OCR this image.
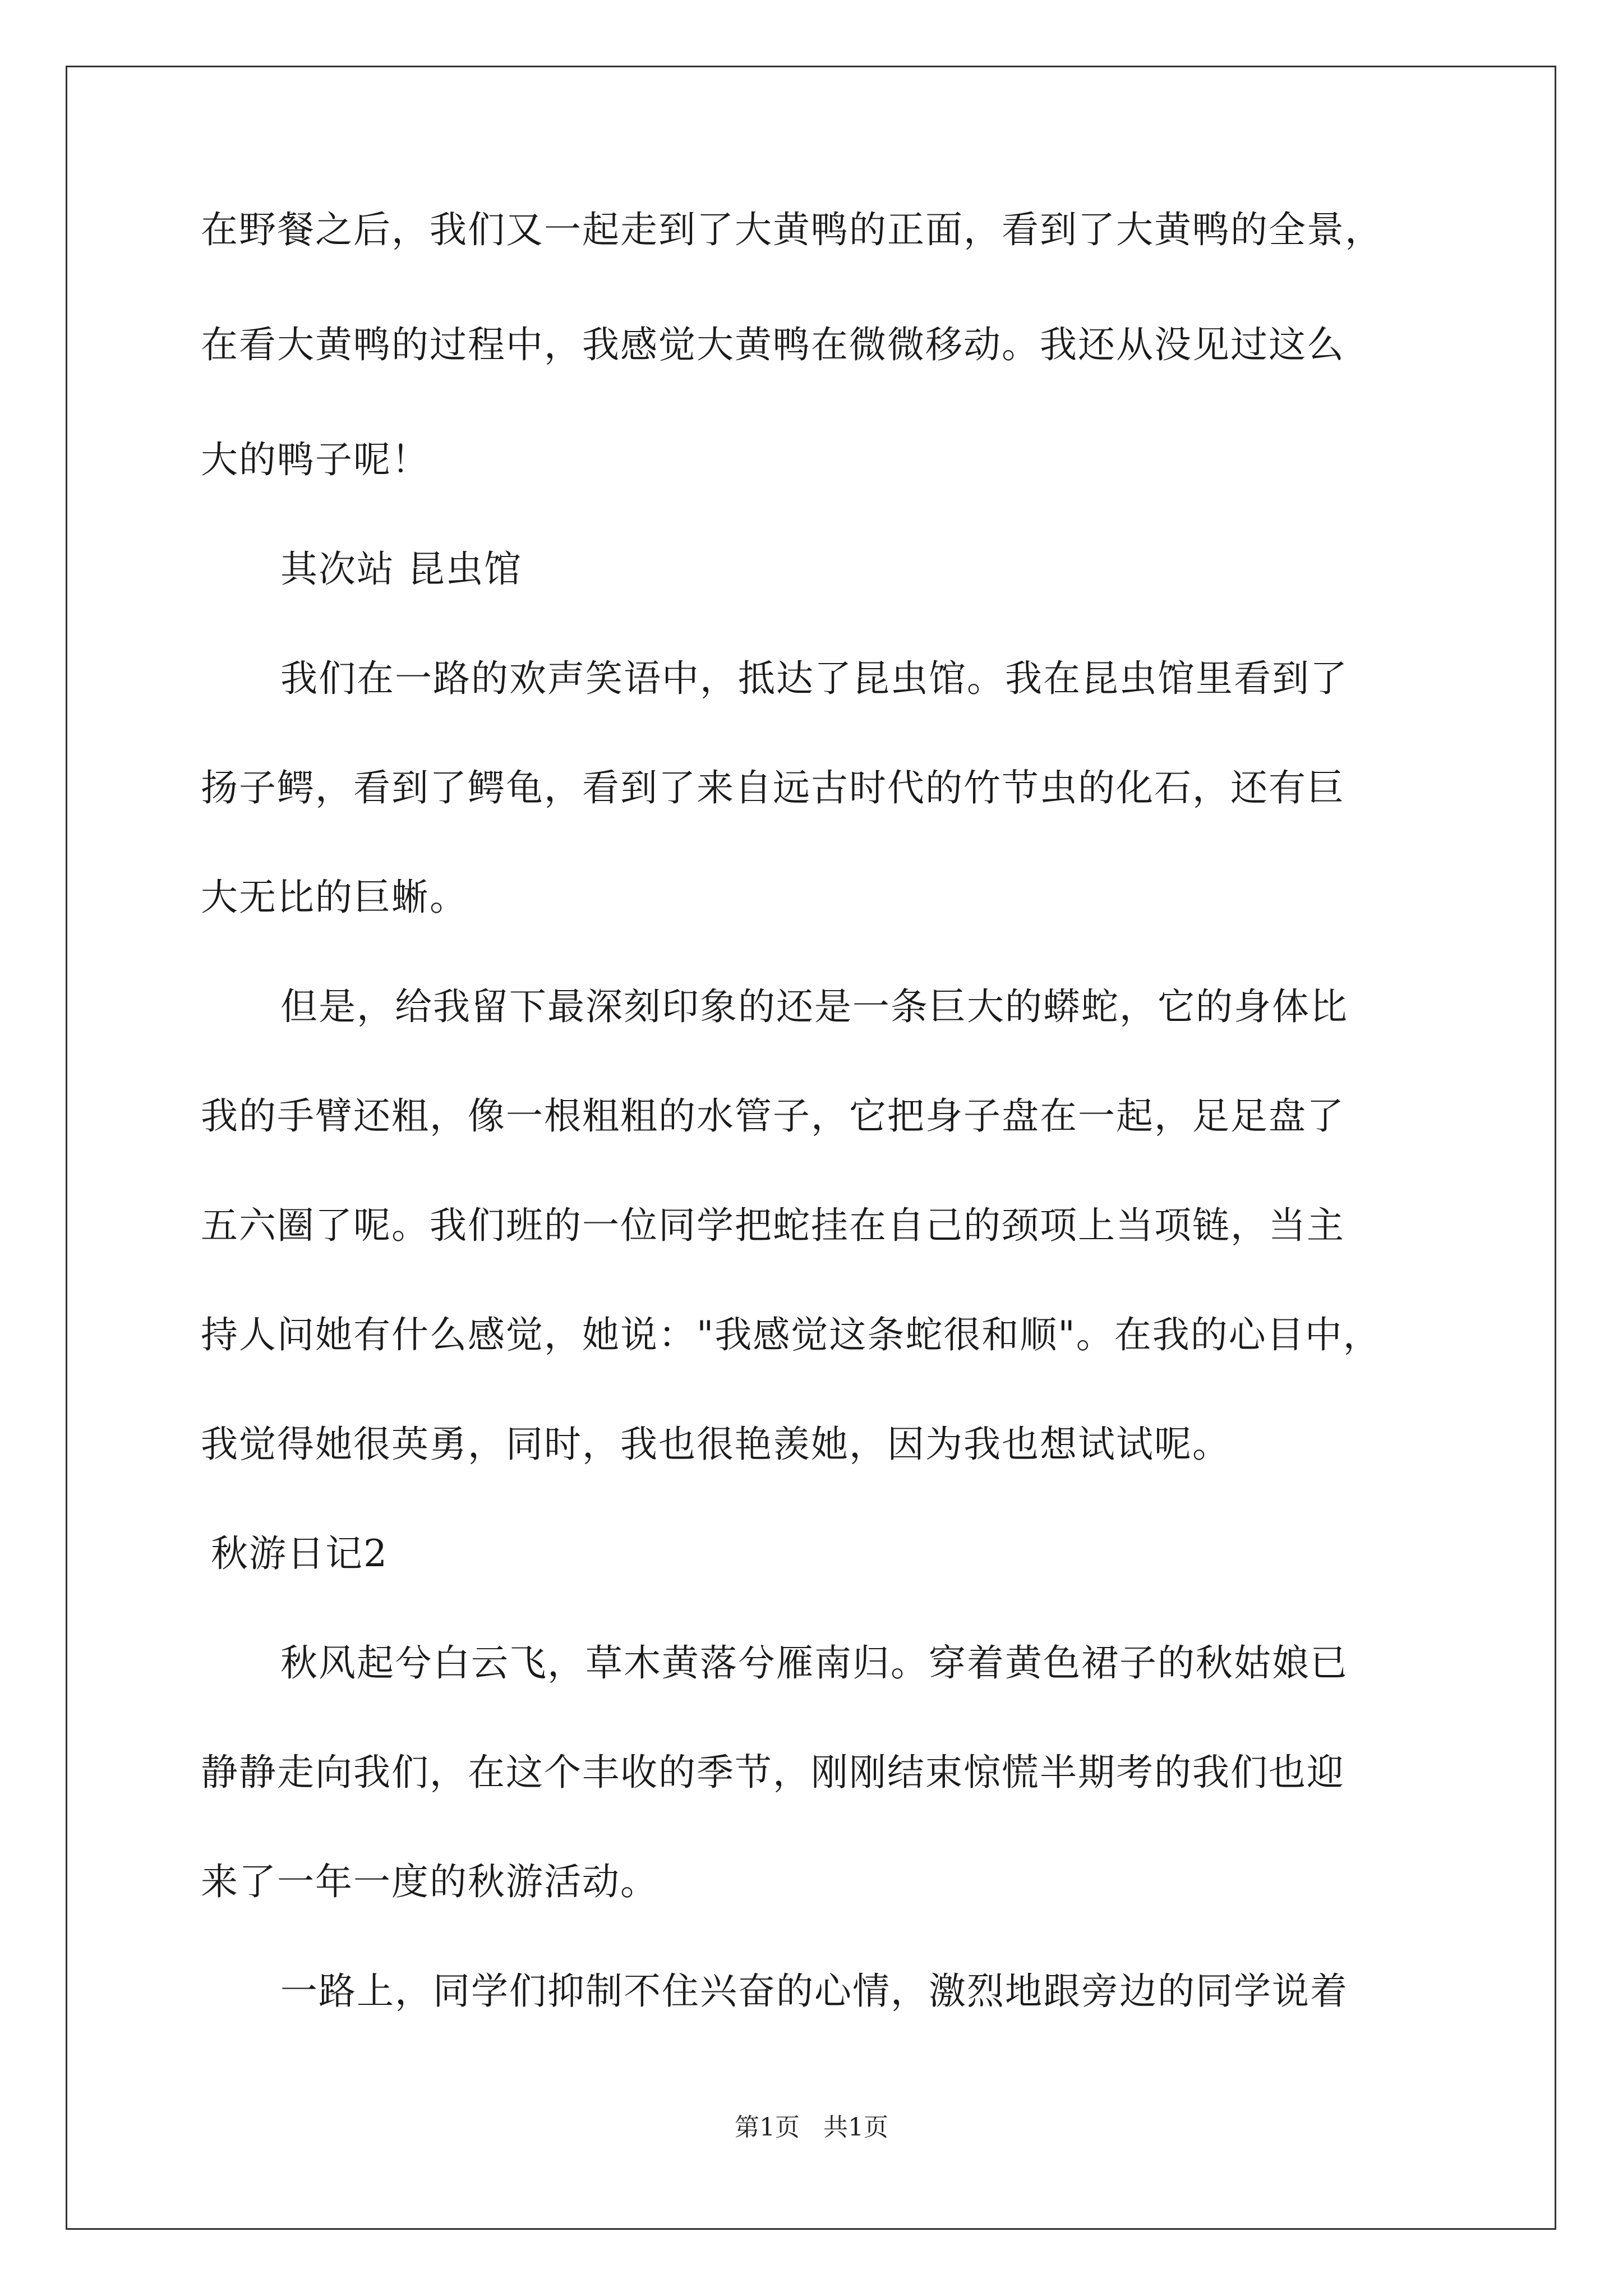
在野餐之后，我们又一起走到了大黄鸭的正面，看到了大黄鸭的全景，
在看大黄鸭的过程中，我感觉大黄鸭在微微移动。我还从没见过这么
大的鸭子呢！
其次站 昆虫馆
我们在一路的欢声笑语中，抵达了昆虫馆。我在昆虫馆里看到了
扬子鳄，看到了鳄龟，看到了来自远古时代的竹节虫的化石，还有巨
大无比的巨蜥。
但是，给我留下最深刻印象的还是一条巨大的蟒蛇，它的身体比
我的手臂还粗，像一根粗粗的水管子，它把身子盘在一起，足足盘了
五六圈了呢。我们班的一位同学把蛇挂在自己的颈项上当项链，当主
持人问她有什么感觉，她说："我感觉这条蛇很和顺"。在我的心目中，
我觉得她很英勇，同时，我也很艳羡她，因为我也想试试呢。
秋游日记2
秋风起兮白云飞，草木黄落兮雁南归。穿着黄色裙子的秋姑娘已
静静走向我们，在这个丰收的季节，刚刚结束惊慌半期考的我们也迎
来了一年一度的秋游活动。
一路上，同学们抑制不住兴奋的心情，激烈地跟旁边的同学说着
第1页   共1页
